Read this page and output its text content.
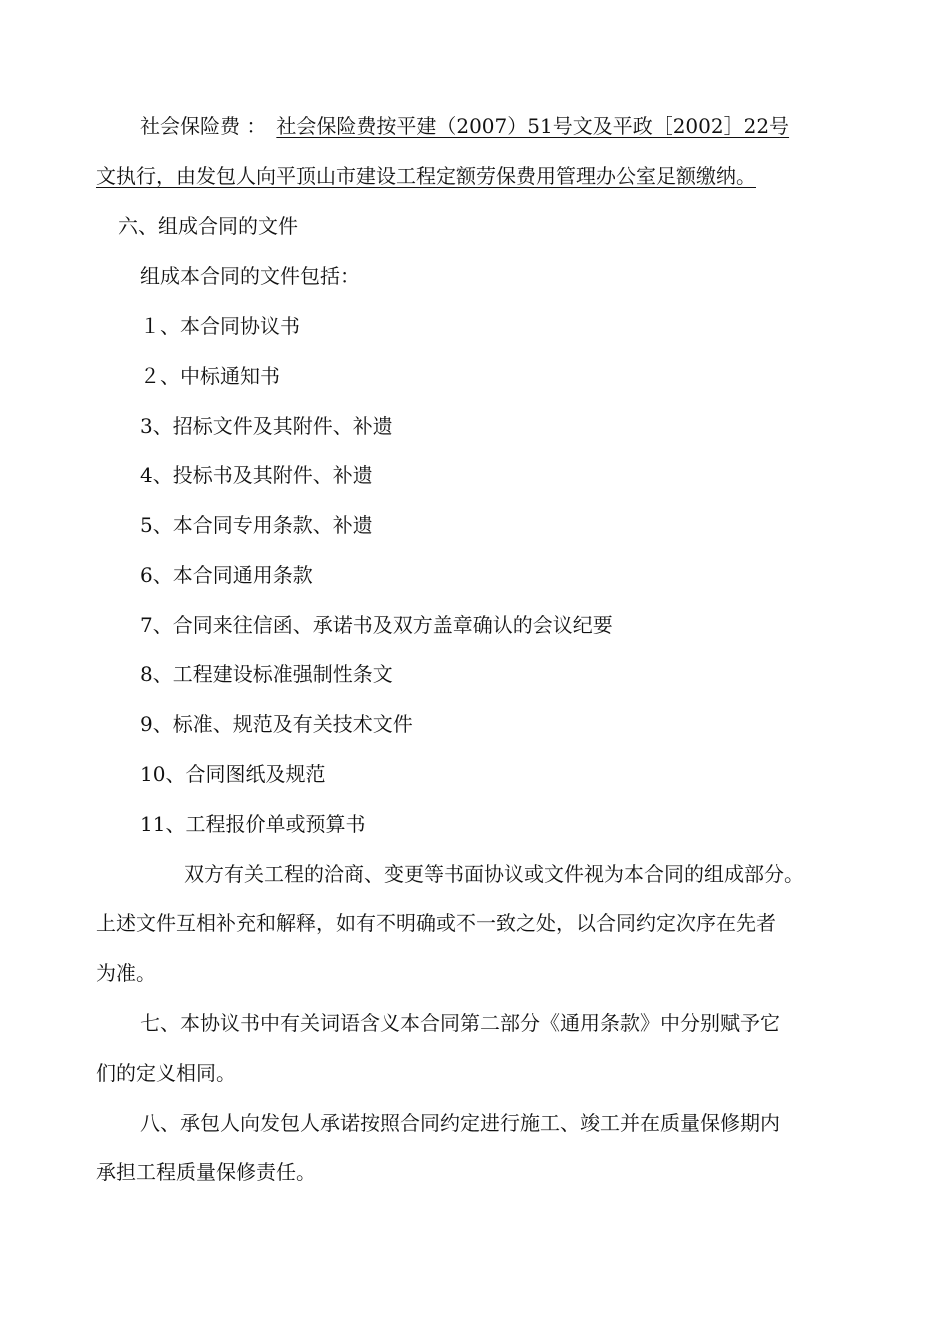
社会保险费 ： 社会保险费按平建（2007）51号文及平政［2002］22号
文执行，由发包人向平顶山市建设工程定额劳保费用管理办公室足额缴纳。
六、组成合同的文件
组成本合同的文件包括：
１、本合同协议书
２、中标通知书
3、招标文件及其附件、补遗
4、投标书及其附件、补遗
5、本合同专用条款、补遗
6、本合同通用条款
7、合同来往信函、承诺书及双方盖章确认的会议纪要
8、工程建设标准强制性条文
9、标准、规范及有关技术文件
10、合同图纸及规范
11、工程报价单或预算书
双方有关工程的洽商、变更等书面协议或文件视为本合同的组成部分。
上述文件互相补充和解释，如有不明确或不一致之处，以合同约定次序在先者
为准。
七、本协议书中有关词语含义本合同第二部分《通用条款》中分别赋予它
们的定义相同。
八、承包人向发包人承诺按照合同约定进行施工、竣工并在质量保修期内
承担工程质量保修责任。
